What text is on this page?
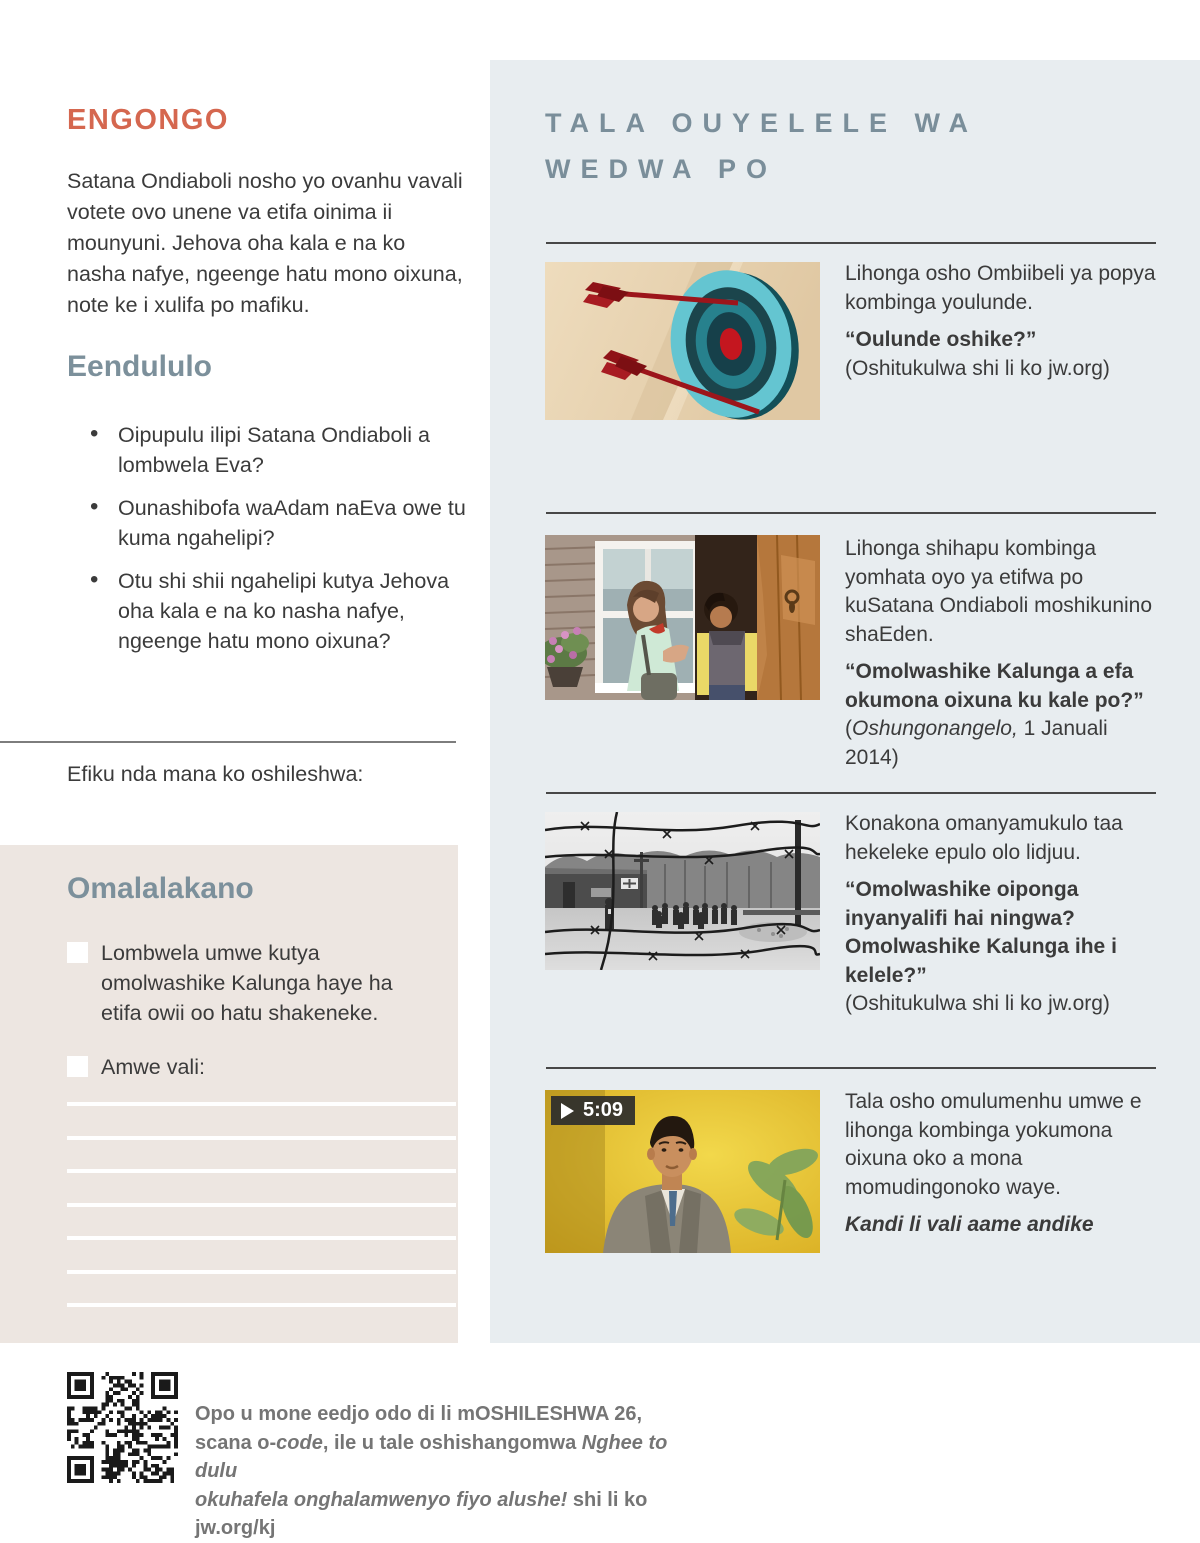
ENGONGO
Satana Ondiaboli nosho yo ovanhu vavali votete ovo unene va etifa oinima ii mounyuni. Jehova oha kala e na ko nasha nafye, ngeenge hatu mono oixuna, note ke i xulifa po mafiku.
Eendululo
• Oipupulu ilipi Satana Ondiaboli a lombwela Eva?
• Ounashibofa waAdam naEva owe tu kuma ngahelipi?
• Otu shi shii ngahelipi kutya Jehova oha kala e na ko nasha nafye, ngeenge hatu mono oixuna?
Efiku nda mana ko oshileshwa:
Omalalakano
Lombwela umwe kutya omolwashike Kalunga haye ha etifa owii oo hatu shakeneke.
Amwe vali:
Opo u mone eedjo odo di li mOSHILESHWA 26,
scana o-code, ile u tale oshishangomwa Nghee to dulu
okuhafela onghalamwenyo fiyo alushe! shi li ko jw.org/kj
TALA OUYELELE WA WEDWA PO

Lihonga osho Ombiibeli ya popya kombinga youlunde.

“Oulunde oshike?”

(Oshitukulwa shi li ko jw.org)

Lihonga shihapu kombinga yomhata oyo ya etifwa po kuSatana Ondiaboli moshikunino shaEden.

“Omolwashike Kalunga a efa okumona oixuna ku kale po?”

(Oshungonangelo, 1 Januali 2014)

Konakona omanyamukulo taa hekeleke epulo olo lidjuu.

“Omolwashike oiponga inyanyalifi hai ningwa? Omolwashike Kalunga ihe i kelele?”

(Oshitukulwa shi li ko jw.org)

5:09	Tala osho omulumenhu umwe e lihonga kombinga yokumona oixuna oko a mona momudingonoko waye.

Kandi li vali aame andike
